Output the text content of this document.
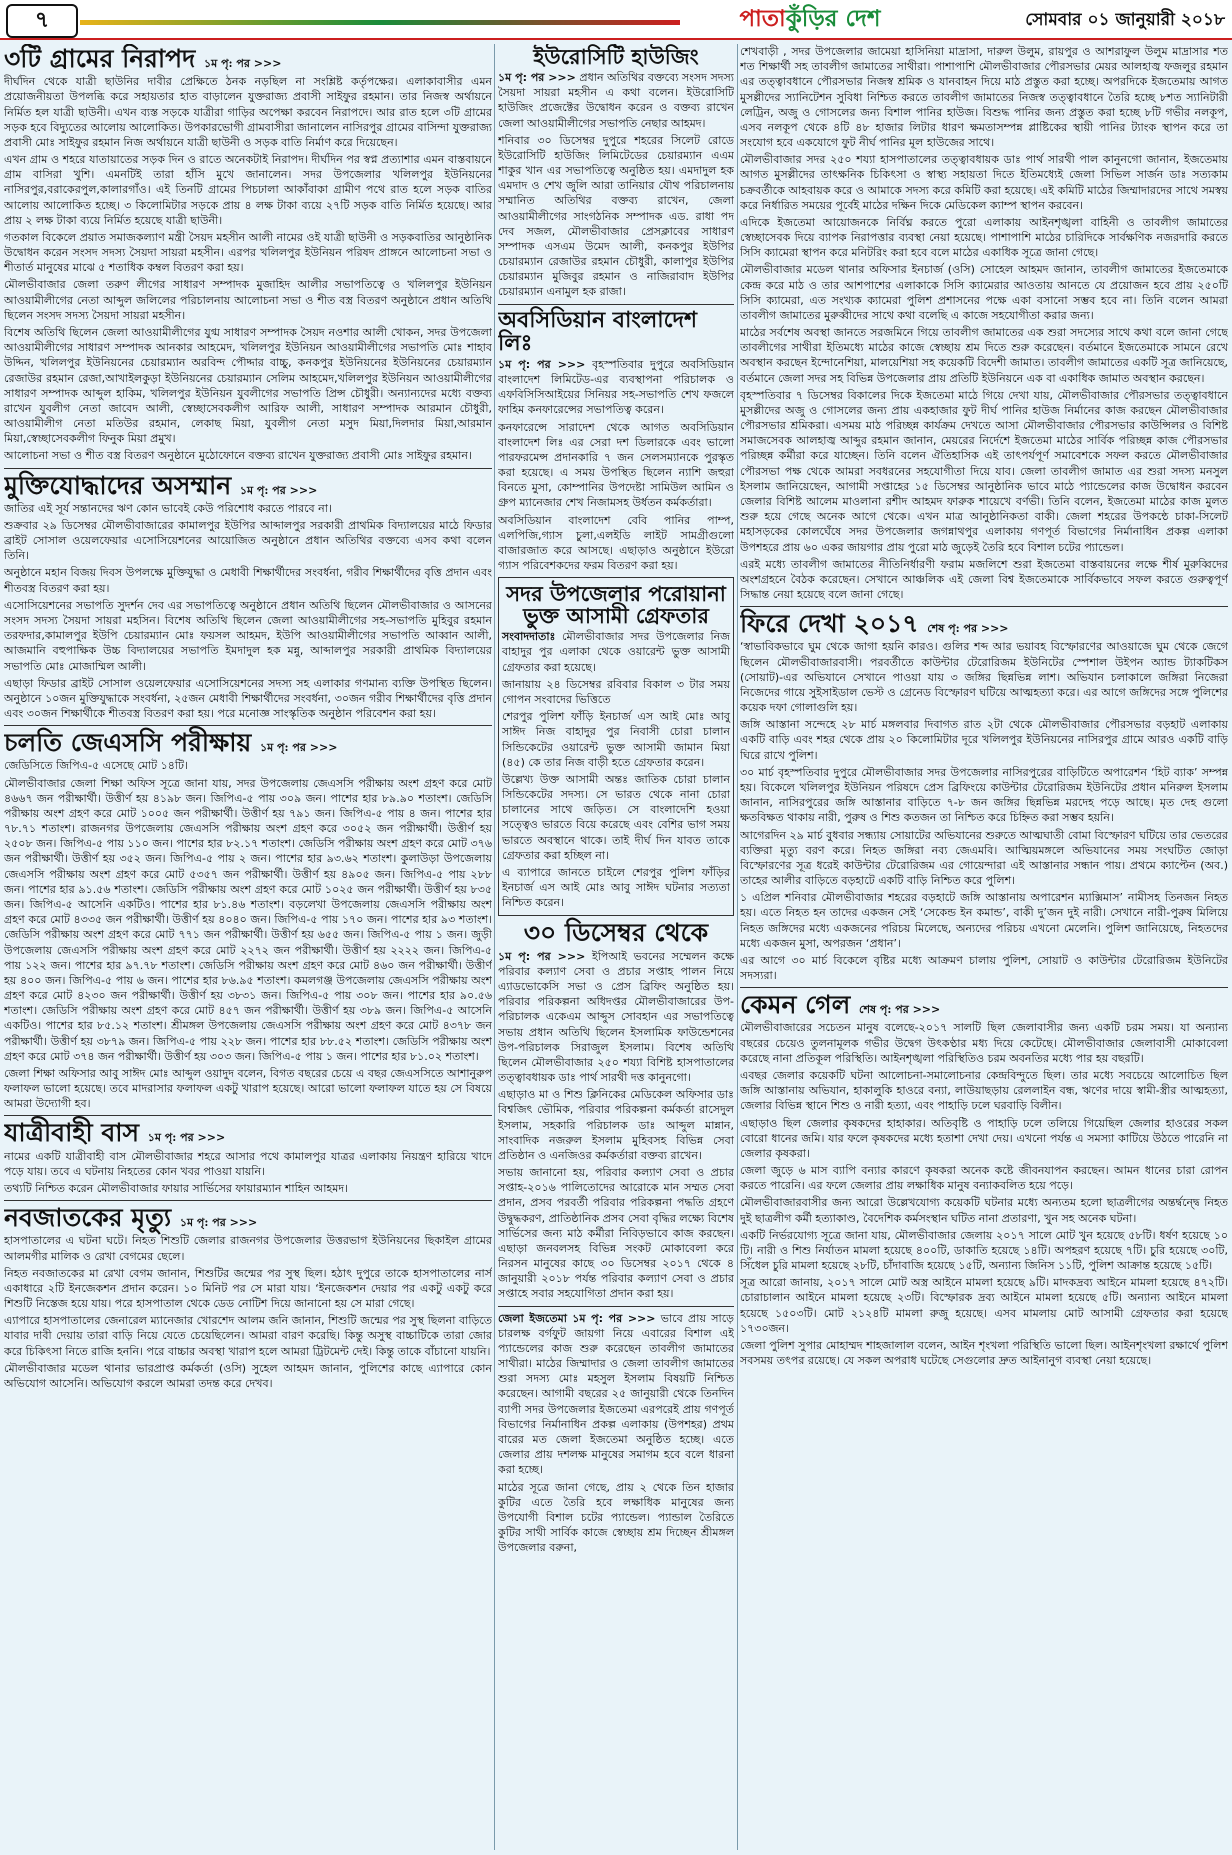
৭	পাতাকুঁড়ির দেশ	সোমবার ০১ জানুয়ারী ২০১৮
৩টি গ্রামের নিরাপদ ১ম পৃ: পর >>>

দীর্ঘদিন থেকে যাত্রী ছাউনির দাবীর প্রেক্ষিতে ঠনক নড়ছিল না সংশ্লিষ্ট কর্তৃপক্ষের। এলাকাবাসীর এমন প্রয়োজনীয়তা উপলব্ধি করে সহায়তার হাত বাড়ালেন যুক্তরাজ্য প্রবাসী সাইফুর রহমান। তার নিজস্ব অর্থায়নে নির্মিত হল যাত্রী ছাউনী। এখন ব্যস্ত সড়কে যাত্রীরা গাড়ির অপেক্ষা করবেন নিরাপদে। আর রাত হলে ৩টি গ্রামের সড়ক হবে বিদ্যুতের আলোয় আলোকিত। উপকারভোগী গ্রামবাসীরা জানালেন নাসিরপুর গ্রামের বাসিন্দা যুক্তরাজ্য প্রবাসী মোঃ সাইফুর রহমান নিজ অর্থায়নে যাত্রী ছাউনী ও সড়ক বাতি নির্মাণ করে দিয়েছেন।

এখন গ্রাম ও শহরে যাতায়াতের সড়ক দিন ও রাতে অনেকটাই নিরাপদ। দীর্ঘদিন পর স্বপ্ন প্রত্যাশার এমন বাস্তবায়নে গ্রাম বাসিরা খুশি। এমনটিই তারা হাঁসি মুখে জানালেন। সদর উপজেলার খলিলপুর ইউনিয়নের নাসিরপুর,বরাকেরপুল,কালারগাঁও। এই তিনটি গ্রামের পিচঢালা আকাঁবাকা গ্রামীণ পথে রাত হলে সড়ক বাতির আলোয় আলোকিত হচ্ছে। ৩ কিলোমিটার সড়কে প্রায় ৪ লক্ষ টাকা ব্যয়ে ২৭টি সড়ক বাতি নির্মিত হয়েছে। আর প্রায় ২ লক্ষ টাকা ব্যয়ে নির্মিত হয়েছে যাত্রী ছাউনী।

গতকাল বিকেলে প্রয়াত সমাজকল্যাণ মন্ত্রী সৈয়দ মহসীন আলী নামের ওই যাত্রী ছাউনী ও সড়কবাতির আনুষ্ঠানিক উদ্বোধন করেন সংসদ সদস্য সৈয়দা সায়রা মহসীন। এরপর খলিলপুর ইউনিয়ন পরিষদ প্রাঙ্গনে আলোচনা সভা ও শীতার্ত মানুষের মাঝে ৫ শতাধিক কম্বল বিতরণ করা হয়।

মৌলভীবাজার জেলা তরুণ লীগের সাধারণ সম্পাদক মুজাহিদ আলীর সভাপতিত্বে ও খলিলপুর ইউনিয়ন আওয়ামীলীগের নেতা আব্দুল জলিলের পরিচালনায় আলোচনা সভা ও শীত বস্ত্র বিতরণ অনুষ্ঠানে প্রধান অতিথি ছিলেন সংসদ সদস্য সৈয়দা সায়রা মহসীন।

বিশেষ অতিথি ছিলেন জেলা আওয়ামীলীগের যুগ্ম সাধারণ সম্পাদক সৈয়দ নওশার আলী খোকন, সদর উপজেলা আওয়ামীলীগের সাধারণ সম্পাদক আনকার আহমেদ, খলিলপুর ইউনিয়ন আওয়ামীলীগের সভাপতি মোঃ শাহাব উদ্দিন, খলিলপুর ইউনিয়নের চেয়ারম্যান অরবিন্দ পৌদ্দার বাচ্চু, কনকপুর ইউনিয়নের ইউনিয়নের চেয়ারম্যান রেজাউর রহমান রেজা,আখাইলকুড়া ইউনিয়নের চেয়ারম্যান সেলিম আহমেদ,খলিলপুর ইউনিয়ন আওয়ামীলীগের সাধারণ সম্পাদক আব্দুল হাকিম, খলিলপুর ইউনিয়ন যুবলীগের সভাপতি প্রিন্স চৌধুরী। অন্যান্যদের মধ্যে বক্তব্য রাখেন যুবলীগ নেতা জাবেদ আলী, স্বেচ্ছাসেবকলীগ আরিফ আলী, সাধারণ সম্পাদক আরমান চৌধুরী, আওয়ামীলীগ নেতা মতিউর রহমান, লেকাছ মিয়া, যুবলীগ নেতা মসুদ মিয়া,দিলদার মিয়া,আরমান মিয়া,স্বেচ্ছাসেবকলীগ ফিনুক মিয়া প্রমুখ।

আলোচনা সভা ও শীত বস্ত্র বিতরণ অনুষ্ঠানে মুঠোফোনে বক্তব্য রাখেন যুক্তরাজ্য প্রবাসী মোঃ সাইফুর রহমান।

মুক্তিযোদ্ধাদের অসম্মান ১ম পৃ: পর >>>

জাতির এই সূর্য সন্তানদের ঋণ কোন ভাবেই কেউ পরিশোধ করতে পারবে না।

শুক্রবার ২৯ ডিসেম্বর মৌলভীবাজারের কামালপুর ইউপির আব্দালপুর সরকারী প্রাথমিক বিদ্যালয়ের মাঠে ফিডার ব্রাইট সোসাল ওয়েলফেয়ার এসোসিয়েশনের আয়োজিত অনুষ্ঠানে প্রধান অতিথির বক্তব্যে এসব কথা বলেন তিনি।

অনুষ্ঠানে মহান বিজয় দিবস উপলক্ষে মুক্তিযুদ্ধা ও মেধাবী শিক্ষার্থীদের সংবর্ধনা, গরীব শিক্ষার্থীদের বৃত্তি প্রদান এবং শীতবস্ত্র বিতরণ করা হয়।

এসোসিয়েশনের সভাপতি সুদর্শন দেব এর সভাপতিত্বে অনুষ্ঠানে প্রধান অতিথি ছিলেন মৌলভীবাজার ও আসনের সংসদ সদস্য সৈয়দা সায়রা মহসিন। বিশেষ অতিথি ছিলেন জেলা আওয়ামীলীগের সহ-সভাপতি মুহিবুর রহমান তরফদার,কামালপুর ইউপি চেয়ারম্যান মোঃ ফয়সল আহমদ, ইউপি আওয়ামীলীগের সভাপতি আব্বান আলী, আজমানি বহুপাক্ষিক উচ্চ বিদ্যালয়ের সভাপতি ইমদাদুল হক মন্নু, আব্দালপুর সরকারী প্রাথমিক বিদ্যালয়ের সভাপতি মোঃ মোজাম্মিল আলী।

এছাড়া ফিডার ব্রাইট সোসাল ওয়েলফেয়ার এসোসিয়েশনের সদস্য সহ এলাকার গণমান্য ব্যক্তি উপস্থিত ছিলেন। অনুষ্ঠানে ১০জন মুক্তিযুদ্ধাকে সংবর্ধনা, ২৫জন মেধাবী শিক্ষার্থীদের সংবর্ধনা, ৩০জন গরীব শিক্ষার্থীদের বৃত্তি প্রদান এবং ৩০জন শিক্ষার্থীকে শীতবস্ত্র বিতরণ করা হয়। পরে মনোজ্ঞ সাংস্কৃতিক অনুষ্ঠান পরিবেশন করা হয়।

চলতি জেএসসি পরীক্ষায় ১ম পৃ: পর >>>

জেডিসিতে জিপিএ-৫ এসেছে মোট ১৪টি।

মৌলভীবাজার জেলা শিক্ষা অফিস সূত্রে জানা যায়, সদর উপজেলায় জেএসসি পরীক্ষায় অংশ গ্রহণ করে মোট ৪৬৬৭ জন পরীক্ষার্থী। উত্তীর্ণ হয় ৪১৯৮ জন। জিপিএ-৫ পায় ৩০৯ জন। পাশের হার ৮৯.৯০ শতাংশ। জেডিসি পরীক্ষায় অংশ গ্রহণ করে মোট ১০০৫ জন পরীক্ষার্থী। উত্তীর্ণ হয় ৭৯১ জন। জিপিএ-৫ পায় ৪ জন। পাশের হার ৭৮.৭১ শতাংশ। রাজনগর উপজেলায় জেএসসি পরীক্ষায় অংশ গ্রহণ করে ৩০৫২ জন পরীক্ষার্থী। উত্তীর্ণ হয় ২৫০৮ জন। জিপিএ-৫ পায় ১১০ জন। পাশের হার ৮২.১৭ শতাংশ। জেডিসি পরীক্ষায় অংশ গ্রহণ করে মোট ৩৭৬ জন পরীক্ষার্থী। উত্তীর্ণ হয় ৩৫২ জন। জিপিএ-৫ পায় ২ জন। পাশের হার ৯৩.৬২ শতাংশ। কুলাউড়া উপজেলায় জেএসসি পরীক্ষায় অংশ গ্রহণ করে মোট ৫৩৫৭ জন পরীক্ষার্থী। উত্তীর্ণ হয় ৪৯০৫ জন। জিপিএ-৫ পায় ২৮৮ জন। পাশের হার ৯১.৫৬ শতাংশ। জেডিসি পরীক্ষায় অংশ গ্রহণ করে মোট ১০২৫ জন পরীক্ষার্থী। উত্তীর্ণ হয় ৮৩৫ জন। জিপিএ-৫ আসেনি একটিও। পাশের হার ৮১.৪৬ শতাংশ। বড়লেখা উপজেলায় জেএসসি পরীক্ষায় অংশ গ্রহণ করে মোট ৪৩৩৫ জন পরীক্ষার্থী। উত্তীর্ণ হয় ৪০৪০ জন। জিপিএ-৫ পায় ১৭০ জন। পাশের হার ৯৩ শতাংশ। জেডিসি পরীক্ষায় অংশ গ্রহণ করে মোট ৭৭১ জন পরীক্ষার্থী। উত্তীর্ণ হয় ৬৫৫ জন। জিপিএ-৫ পায় ১ জন। জুড়ী উপজেলায় জেএসসি পরীক্ষায় অংশ গ্রহণ করে মোট ২২৭২ জন পরীক্ষার্থী। উত্তীর্ণ হয় ২২২২ জন। জিপিএ-৫ পায় ১২২ জন। পাশের হার ৯৭.৭৮ শতাংশ। জেডিসি পরীক্ষায় অংশ গ্রহণ করে মোট ৪৬০ জন পরীক্ষার্থী। উত্তীর্ণ হয় ৪০০ জন। জিপিএ-৫ পায় ৬ জন। পাশের হার ৮৬.৯৫ শতাংশ। কমলগঞ্জ উপজেলায় জেএসসি পরীক্ষায় অংশ গ্রহণ করে মোট ৪২৩০ জন পরীক্ষার্থী। উত্তীর্ণ হয় ৩৮৩১ জন। জিপিএ-৫ পায় ৩০৮ জন। পাশের হার ৯০.৫৬ শতাংশ। জেডিসি পরীক্ষায় অংশ গ্রহণ করে মোট ৪৫৭ জন পরীক্ষার্থী। উত্তীর্ণ হয় ৩৮৯ জন। জিপিএ-৫ আসেনি একটিও। পাশের হার ৮৫.১২ শতাংশ। শ্রীমঙ্গল উপজেলায় জেএসসি পরীক্ষায় অংশ গ্রহণ করে মোট ৪৩৭৮ জন পরীক্ষার্থী। উত্তীর্ণ হয় ৩৮৭৯ জন। জিপিএ-৫ পায় ২২৮ জন। পাশের হার ৮৮.৫২ শতাংশ। জেডিসি পরীক্ষায় অংশ গ্রহণ করে মোট ৩৭৪ জন পরীক্ষার্থী। উত্তীর্ণ হয় ৩০৩ জন। জিপিএ-৫ পায় ১ জন। পাশের হার ৮১.০২ শতাংশ।

জেলা শিক্ষা অফিসার আবু সাঈদ মোঃ আব্দুল ওয়াদুদ বলেন, বিগত বছরের চেয়ে এ বছর জেএসসিতে আশানুরুপ ফলাফল ভালো হয়েছে। তবে মাদরাসার ফলাফল একটু খারাপ হয়েছে। আরো ভালো ফলাফল যাতে হয় সে বিষয়ে আমরা উদ্যোগী হব।

যাত্রীবাহী বাস ১ম পৃ: পর >>>

নামের একটি যাত্রীবাহী বাস মৌলভীবাজার শহরে আসার পথে কামালপুর যাত্রর এলাকায় নিয়ন্ত্রণ হারিয়ে খাদে পড়ে যায়। তবে এ ঘটনায় নিহতের কোন খবর পাওয়া যায়নি।

তথ্যটি নিশ্চিত করেন মৌলভীবাজার ফায়ার সার্ভিসের ফায়ারম্যান শাহিন আহমদ।

নবজাতকের মৃত্যু ১ম পৃ: পর >>>

হাসপাতালের এ ঘটনা ঘটে। নিহত শিশুটি জেলার রাজনগর উপজেলার উত্তরভাগ ইউনিয়নের ছিকাইল গ্রামের আলমগীর মালিক ও রেখা বেগমের ছেলে।

নিহত নবজাতকের মা রেখা বেগম জানান, শিশুটির জন্মের পর সুস্থ ছিল। হঠাৎ দুপুরে তাকে হাসপাতালের নার্স একাধারে ২টি ইনজেকশন প্রদান করেন। ১০ মিনিট পর সে মারা যায়। ‘ইনজেকশন দেয়ার পর একটু একটু করে শিশুটি নিস্তেজ হয়ে যায়। পরে হাসপাতাল থেকে ডেড নোটিশ দিয়ে জানানো হয় সে মারা গেছে।

এ্যাপারে হাসপাতালের জেনারেল ম্যানেজার খোরশেদ আলম জনি জানান, শিশুটি জন্মের পর সুস্থ ছিলনা বাড়িতে যাবার দাবী দেয়ায় তারা বাড়ি নিয়ে যেতে চেয়েছিলেন। আমরা বারণ করেছি। কিন্তু অসুস্থ বাচ্চাটিকে তারা জোর করে চিকিৎসা নিতে রাজি হননি। পরে বাচ্চার অবস্থা খারাপ হলে আমরা ট্রিটমেন্ট দেই। কিন্তু তাকে বাঁচানো যায়নি।

মৌলভীবাজার মডেল থানার ভারপ্রাপ্ত কর্মকর্তা (ওসি) সুহেল আহমদ জানান, পুলিশের কাছে এ্যাপারে কোন অভিযোগ আসেনি। অভিযোগ করলে আমরা তদন্ত করে দেখব।

ইউরোসিটি হাউজিং

১ম পৃ: পর >>> প্রধান অতিথির বক্তব্যে সংসদ সদস্য সৈয়দা সায়রা মহসীন এ কথা বলেন। ইউরোসিটি হাউজিং প্রজেক্টের উদ্বোধন করেন ও বক্তব্য রাখেন জেলা আওয়ামীলীগের সভাপতি নেছার আহমদ।

শনিবার ৩০ ডিসেম্বর দুপুরে শহরের সিলেট রোডে ইউরোসিটি হাউজিং লিমিটেডের চেয়ারম্যান এএম শাকুর খান এর সভাপতিত্বে অনুষ্ঠিত হয়। এমদাদুল হক এমদাদ ও শেখ জুলি আরা তানিয়ার যৌথ পরিচালনায় সম্মানিত অতিথির বক্তব্য রাখেন, জেলা আওয়ামীলীগের সাংগঠনিক সম্পাদক এড. রাধা পদ দেব সজল, মৌলভীবাজার প্রেসক্লাবের সাধারণ সম্পাদক এসএম উমেদ আলী, কনকপুর ইউপির চেয়ারম্যান রেজাউর রহমান চৌধুরী, কালাপুর ইউপির চেয়ারম্যান মুজিবুর রহমান ও নাজিরাবাদ ইউপির চেয়ারম্যান এনামুল হক রাজা।

অবসিডিয়ান বাংলাদেশ লিঃ

১ম পৃ: পর >>> বৃহস্পতিবার দুপুরে অবসিডিয়ান বাংলাদেশ লিমিটেড-এর ব্যবস্থাপনা পরিচালক ও এফবিসিসিআইয়ের সিনিয়র সহ-সভাপতি শেখ ফজলে ফাহিম কনফারেন্সের সভাপতিত্ব করেন।

কনফারেন্সে সারাদেশ থেকে আগত অবসিডিয়ান বাংলাদেশ লিঃ এর সেরা দশ ডিলারকে এবং ভালো পারফরমেন্স প্রদানকারি ৭ জন সেলসম্যানকে পুরস্কৃত করা হয়েছে। এ সময় উপস্থিত ছিলেন ন্যাশি জহুরা বিনতে মুসা, কোম্পানির উপদেষ্টা সামিউল আমিন ও গ্রুপ ম্যানেজার শেখ নিজামসহ উর্ধতন কর্মকর্তারা।

অবসিডিয়ান বাংলাদেশ বেবি পানির পাম্প, এলপিজি,গ্যাস চুলা,এলইডি লাইট সামগ্রীগুলো বাজারজাত করে আসছে। এছাড়াও অনুষ্ঠানে ইউরো গ্যাস পরিবেশকদের ফরম বিতরণ করা হয়।

সদর উপজেলার পরোয়ানা ভুক্ত আসামী গ্রেফতার

সংবাদদাতাঃ মৌলভীবাজার সদর উপজেলার নিজ বাহাদুর পুর এলাকা থেকে ওয়ারেন্ট ভুক্ত আসামী গ্রেফতার করা হয়েছে।

জানায়ায় ২৪ ডিসেম্বর রবিবার বিকাল ৩ টার সময় গোপন সংবাদের ভিত্তিতে

শেরপুর পুলিশ ফাঁড়ি ইনচার্জ এস আই মোঃ আবু সাঈদ নিজ বাহাদুর পুর নিবাসী চোরা চালান সিন্ডিকেটের ওয়ারেন্ট ভুক্ত আসামী জামান মিয়া (৪৫) কে তার নিজ বাড়ী হতে গ্রেফতার করেন।

উল্লেখ্য উক্ত আসামী অন্তঃ জাতিক চোরা চালান সিন্ডিকেটের সদস্য। সে ভারত থেকে নানা চোরা চালানের সাথে জড়িত। সে বাংলাদেশি হওয়া সত্ত্বেও ভারতে বিয়ে করেছে এবং বেশির ভাগ সময় ভারতে অবস্থানে থাকে। তাই দীর্ঘ দিন যাবত তাকে গ্রেফতার করা হচ্ছিল না।

এ ব্যাপারে জানতে চাইলে শেরপুর পুলিশ ফাঁড়ির ইনচার্জ এস আই মোঃ আবু সাঈদ ঘটনার সত্যতা নিশ্চিত করেন।

৩০ ডিসেম্বর থেকে

১ম পৃ: পর >>> ইপিআই ভবনের সম্মেলন কক্ষে পরিবার কল্যাণ সেবা ও প্রচার সপ্তাহ পালন নিয়ে এ্যাডভোকেসি সভা ও প্রেস ব্রিফিং অনুষ্ঠিত হয়। পরিবার পরিকল্পনা অধিদপ্তর মৌলভীবাজারের উপ-পরিচালক একেএম আব্দুস সোবহান এর সভাপতিত্বে সভায় প্রধান অতিথি ছিলেন ইসলামিক ফাউন্ডেশনের উপ-পরিচালক সিরাজুল ইসলাম। বিশেষ অতিথি ছিলেন মৌলভীবাজার ২৫০ শয্যা বিশিষ্ট হাসপাতালের তত্ত্বাবধায়ক ডাঃ পার্থ সারথী দত্ত কানুনগো।

এছাড়াও মা ও শিশু ক্লিনিকের মেডিকেল অফিসার ডাঃ বিশ্বজিৎ ভৌমিক, পরিবার পরিকল্পনা কর্মকর্তা রাসেদুল ইসলাম, সহকারি পরিচালক ডাঃ আব্দুল মান্নান, সাংবাদিক নজরুল ইসলাম মুহিবসহ বিভিন্ন সেবা প্রতিষ্ঠান ও এনজিওর কর্মকর্তারা বক্তব্য রাখেন।

সভায় জানানো হয়, পরিবার কল্যাণ সেবা ও প্রচার সপ্তাহ-২০১৬ পালিতোদের আরোকে মান সম্মত সেবা প্রদান, প্রসব পরবর্তী পরিবার পরিকল্পনা পদ্ধতি গ্রহণে উদ্বুদ্ধকরণ, প্রাতিষ্ঠানিক প্রসব সেবা বৃদ্ধির লক্ষ্যে বিশেষ সার্ভিসের জন্য মাঠ কর্মীরা নিবিড়ভাবে কাজ করছেন। এছাড়া জনবলসহ বিভিন্ন সংকট মোকাবেলা করে নিরসন মানুষের কাছে ৩০ ডিসেম্বর ২০১৭ থেকে ৪ জানুয়ারী ২০১৮ পর্যন্ত পরিবার কল্যাণ সেবা ও প্রচার সপ্তাহে সবার সহযোগিতা প্রদান করা হয়।

জেলা ইজতেমা ১ম পৃ: পর >>> ভাবে প্রায় সাড়ে চারলক্ষ বর্গফুট জায়গা নিয়ে এবারের বিশাল এই প্যান্ডেলের কাজ শুরু করেছেন তাবলীগ জামাতের সাথীরা। মাঠের জিম্মাদার ও জেলা তাবলীগ জামাতের শুরা সদস্য মোঃ মহসুল ইসলাম বিষয়টি নিশ্চিত করেছেন। আগামী বছরের ২৫ জানুয়ারী থেকে তিনদিন ব্যাপী সদর উপজেলার ইজতেমা এরপরেই প্রায় গণপূর্ত বিভাগের নির্মানাধিন প্রকল্প এলাকায় (উপশহর) প্রথম বারের মত জেলা ইজতেমা অনুষ্ঠিত হচ্ছে। এতে জেলার প্রায় দশলক্ষ মানুষের সমাগম হবে বলে ধারনা করা হচ্ছে।

মাঠের সূত্রে জানা গেছে, প্রায় ২ থেকে তিন হাজার কুটির এতে তৈরি হবে লক্ষাধিক মানুষের জন্য উপযোগী বিশাল চটের প্যান্ডেল। প্যান্ডাল তৈরিতে কুটির সাথী সার্বিক কাজে স্বেচ্ছায় শ্রম দিচ্ছেন শ্রীমঙ্গল উপজেলার বরুনা,

শেখবাড়ী , সদর উপজেলার জামেয়া হাসিনিয়া মাদ্রাসা, দারুল উলুম, রায়পুর ও আশরাফুল উলুম মাদ্রাসার শত শত শিক্ষার্থী সহ তাবলীগ জামাতের সাথীরা। পাশাপাশি মৌলভীবাজার পৌরসভার মেয়র আলহাজ্ব ফজলুর রহমান এর তত্ত্বাবধানে পৌরসভার নিজস্ব শ্রমিক ও যানবাহন দিয়ে মাঠ প্রস্তুত করা হচ্ছে। অপরদিকে ইজতেমায় আগত মুসল্লীদের স্যানিটেশন সুবিধা নিশ্চিত করতে তাবলীগ জামাতের নিজস্ব তত্ত্বাবধানে তৈরি হচ্ছে ৮শত স্যানিটারী লেট্রিন, অজু ও গোসলের জন্য বিশাল পানির হাউজ। বিশুদ্ধ পানির জন্য প্রস্তুত করা হচ্ছে ৮টি গভীর নলকূপ, এসব নলকূপ থেকে ৪টি ৪৮ হাজার লিটার ধারণ ক্ষমতাসম্পন্ন প্লাষ্টিকের স্থায়ী পানির ট্যাংক স্থাপন করে তা সংযোগ হবে একযোগে ফুট নীর্ঘ পানির মূল হাউজের সাথে।

মৌলভীবাজার সদর ২৫০ শয্যা হাসপাতালের তত্ত্বাবধায়ক ডাঃ পার্থ সারথী পাল কানুনগো জানান, ইজতেমায় আগত মুসল্লীদের তাৎক্ষনিক চিকিৎসা ও স্বাস্থ্য সহায়তা দিতে ইতিমধ্যেই জেলা সিভিল সার্জন ডাঃ সত্যকাম চক্রবর্তীকে আহবায়ক করে ও আমাকে সদস্য করে কমিটি করা হয়েছে। এই কমিটি মাঠের জিম্মাদারদের সাথে সমস্বয় করে নির্ধারিত সময়ের পূর্বেই মাঠের দক্ষিন দিকে মেডিকেল ক্যাম্প স্থাপন করবেন।

এদিকে ইজতেমা আয়োজনকে নির্বিঘ্ন করতে পুরো এলাকায় আইনশৃঙ্খলা বাহিনী ও তাবলীগ জামাতের স্বেচ্ছাসেবক দিয়ে ব্যাপক নিরাপত্তার ব্যবস্থা নেয়া হয়েছে। পাশাপাশি মাঠের চারিদিকে সার্বক্ষণিক নজরদারি করতে সিসি ক্যামেরা স্থাপন করে মনিটরিং করা হবে বলে মাঠের একাধিক সূত্রে জানা গেছে।

মৌলভীবাজার মডেল থানার অফিসার ইনচার্জ (ওসি) সোহেল আহমদ জানান, তাবলীগ জামাতের ইজতেমাকে কেন্দ্র করে মাঠ ও তার আশপাশের এলাকাকে সিসি ক্যামেরার আওতায় আনতে যে প্রয়োজন হবে প্রায় ২৫০টি সিসি ক্যামেরা, এত সংখ্যক ক্যামেরা পুলিশ প্রশাসনের পক্ষে একা বসানো সম্ভব হবে না। তিনি বলেন আমরা তাবলীগ জামাতের মুরুব্বীদের সাথে কথা বলেছি এ কাজে সহযোগীতা করার জন্য।

মাঠের সর্বশেষ অবস্থা জানতে সরজমিনে গিয়ে তাবলীগ জামাতের এক শুরা সদস্যের সাথে কথা বলে জানা গেছে তাবলীগের সাথীরা ইতিমধ্যে মাঠের কাজে স্বেচ্ছায় শ্রম দিতে শুরু করেছেন। বর্তমানে ইজতেমাকে সামনে রেখে অবস্থান করছেন ইন্দোনেশিয়া, মালয়েশিয়া সহ কয়েকটি বিদেশী জামাত। তাবলীগ জামাতের একটি সূত্র জানিয়েছে, বর্তমানে জেলা সদর সহ বিভিন্ন উপজেলার প্রায় প্রতিটি ইউনিয়নে এক বা একাধিক জামাত অবস্থান করছেন।

বৃহস্পতিবার ৭ ডিসেম্বর বিকালের দিকে ইজতেমা মাঠে গিয়ে দেখা যায়, মৌলভীবাজার পৌরসভার তত্ত্বাবধানে মুসল্লীদের অজু ও গোসলের জন্য প্রায় একহাজার ফুট দীর্ঘ পানির হাউজ নির্মানের কাজ করছেন মৌলভীবাজার পৌরসভার শ্রমিকরা। এসময় মাঠ পরিচ্ছন্ন কার্যক্রম দেখতে আসা মৌলভীবাজার পৌরসভার কাউন্সিলর ও বিশিষ্ট সমাজসেবক আলহাজ্ব আব্দুর রহমান জানান, মেয়রের নির্দেশে ইজতেমা মাঠের সার্বিক পরিচ্ছন্ন কাজ পৌরসভার পরিচ্ছন্ন কর্মীরা করে যাচ্ছেন। তিনি বলেন ঐতিহাসিক এই তাৎপর্যপূর্ণ সমাবেশকে সফল করতে মৌলভীবাজার পৌরসভা পক্ষ থেকে আমরা সবধরনের সহযোগীতা দিয়ে যাব। জেলা তাবলীগ জামাত এর শুরা সদস্য মনসুল ইসলাম জানিয়েছেন, আগামী সপ্তাহের ১৫ ডিসেম্বর আনুষ্ঠানিক ভাবে মাঠে প্যান্ডেলের কাজ উদ্বোধন করবেন জেলার বিশিষ্ট আলেম মাওলানা রশীদ আহমদ ফারুক শায়েখে বর্ণভী। তিনি বলেন, ইজতেমা মাঠের কাজ মুলত শুরু হয়ে গেছে অনেক আগে থেকে। এখন মাত্র আনুষ্ঠানিকতা বাকী। জেলা শহরের উপকন্ঠে চাকা-সিলেট মহাসড়কের কোলঘেঁষে সদর উপজেলার জগন্নাথপুর এলাকায় গণপূর্ত বিভাগের নির্মানাধিন প্রকল্প এলাকা উপশহরে প্রায় ৬০ একর জায়গার প্রায় পুরো মাঠ জুড়েই তৈরি হবে বিশাল চটের প্যান্ডেল।

এরই মধ্যে তাবলীগ জামাতের নীতিনির্ধারণী ফরাম মজলিশে শুরা ইজতেমা বাস্তবায়নের লক্ষে শীর্ষ মুরুব্বিদের অংশগ্রহনে বৈঠক করেছেন। সেখানে আঞ্চলিক এই জেলা বিশ্ব ইজতেমাকে সার্বিকভাবে সফল করতে গুরুত্বপূর্ণ সিদ্ধান্ত নেয়া হয়েছে বলে জানা গেছে।

ফিরে দেখা ২০১৭ শেষ পৃ: পর >>>

‘স্বাভাবিকভাবে ঘুম থেকে জাগা হয়নি কারও। গুলির শব্দ আর ভয়াবহ বিস্ফোরণের আওয়াজে ঘুম থেকে জেগে ছিলেন মৌলভীবাজারবাসী। পরবর্তীতে কাউন্টার টেরোরিজম ইউনিটের স্পেশাল উইপন অ্যান্ড ট্যাকটিকস (সোয়াট)-এর অভিযানে সেখানে পাওয়া যায় ৩ জঙ্গির ছিন্নভিন্ন লাশ। অভিযান চলাকালে জঙ্গিরা নিজেরা নিজেদের গায়ে সুইসাইডাল ভেস্ট ও গ্রেনেড বিস্ফোরণ ঘটিয়ে আত্মহত্যা করে। এর আগে জঙ্গিদের সঙ্গে পুলিশের কয়েক দফা গোলাগুলি হয়।

জঙ্গি আস্তানা সন্দেহে ২৮ মার্চ মঙ্গলবার দিবাগত রাত ২টা থেকে মৌলভীবাজার পৌরসভার বড়হাট এলাকায় একটি বাড়ি এবং শহর থেকে প্রায় ২০ কিলোমিটার দূরে খলিলপুর ইউনিয়নের নাসিরপুর গ্রামে আরও একটি বাড়ি ঘিরে রাখে পুলিশ।

৩০ মার্চ বৃহস্পতিবার দুপুরে মৌলভীবাজার সদর উপজেলার নাসিরপুরের বাড়িটিতে অপারেশন ‘হিট ব্যাক’ সম্পন্ন হয়। বিকেলে খলিলপুর ইউনিয়ন পরিষদে প্রেস ব্রিফিংয়ে কাউন্টার টেরোরিজম ইউনিটের প্রধান মনিরুল ইসলাম জানান, নাসিরপুরের জঙ্গি আস্তানার বাড়িতে ৭-৮ জন জঙ্গির ছিন্নভিন্ন মরদেহ পড়ে আছে। মৃত দেহ গুলো ক্ষতবিক্ষত থাকায় নারী, পুরুষ ও শিশু কতজন তা নিশ্চিত করে চিহ্নিত করা সম্ভব হয়নি।

আগেরদিন ২৯ মার্চ বুধবার সন্ধ্যায় সোয়াটের অভিযানের শুরুতে আত্মঘাতী বোমা বিস্ফোরণ ঘটিয়ে তার ভেতরের ব্যক্তিরা মৃত্যু বরণ করে। নিহত জঙ্গিরা নব্য জেএমবি। আত্মিয়মঙ্গলে অভিযানের সময় সংঘটিত জোড়া বিস্ফোরণের সূত্র ধরেই কাউন্টার টেরোরিজম এর গোয়েন্দারা এই আস্তানার সন্ধান পায়। প্রথমে ক্যাপ্টেন (অব.) তাহের আলীর বাড়িতে বড়হাটে একটি বাড়ি নিশ্চিত করে পুলিশ।

১ এপ্রিল শনিবার মৌলভীবাজার শহরের বড়হাটে জঙ্গি আস্তানায় অপারেশন ম্যাক্সিমাস’ নামীসহ তিনজন নিহত হয়। এতে নিহত হন তাদের একজন সেই ‘সেকেন্ড ইন কমান্ড’, বাকী দু’জন দুই নারী। সেখানে নারী-পুরুষ মিলিয়ে নিহত জঙ্গিদের মধ্যে একজনের পরিচয় মিলেছে, অন্যদের পরিচয় এখনো মেলেনি। পুলিশ জানিয়েছে, নিহতদের মধ্যে একজন মুসা, অপরজন ‘প্রধান’।

এর আগে ৩০ মার্চ বিকেলে বৃষ্টির মধ্যে আক্রমণ চালায় পুলিশ, সোয়াট ও কাউন্টার টেরোরিজম ইউনিটের সদস্যরা।

কেমন গেল শেষ পৃ: পর >>>

মৌলভীবাজারের সচেতন মানুষ বলেছে-২০১৭ সালটি ছিল জেলাবাসীর জন্য একটি চরম সময়। যা অন্যান্য বছরের চেয়েও তুলনামূলক গভীর উদ্বেগ উৎকণ্ঠার মধ্য দিয়ে কেটেছে। মৌলভীবাজার জেলাবাসী মোকাবেলা করেছে নানা প্রতিকূল পরিস্থিতি। আইনশৃঙ্খলা পরিস্থিতিও চরম অবনতির মধ্যে পার হয় বছরটি।

এবছর জেলার কয়েকটি ঘটনা আলোচনা-সমালোচনার কেন্দ্রবিন্দুতে ছিল। তার মধ্যে সবচেয়ে আলোচিত ছিল জঙ্গি আস্তানায় অভিযান, হাকালুকি হাওরে বন্যা, লাউয়াছড়ায় রেললাইন বন্ধ, ঋণের দায়ে স্বামী-স্ত্রীর আত্মহত্যা, জেলার বিভিন্ন স্থানে শিশু ও নারী হত্যা, এবং পাহাড়ি ঢলে ঘরবাড়ি বিলীন।

এছাড়াও ছিল জেলার কৃষকদের হাহাকার। অতিবৃষ্টি ও পাহাড়ি ঢলে তলিয়ে গিয়েছিল জেলার হাওরের সকল বোরো ধানের জমি। যার ফলে কৃষকদের মধ্যে হতাশা দেখা দেয়। এখনো পর্যন্ত এ সমস্যা কাটিয়ে উঠতে পারেনি না জেলার কৃষকরা।

জেলা জুড়ে ৬ মাস ব্যাপি বন্যার কারণে কৃষকরা অনেক কষ্টে জীবনযাপন করছেন। আমন ধানের চারা রোপন করতে পারেনি। এর ফলে জেলার প্রায় লক্ষাধিক মানুষ বন্যাকবলিত হয়ে পড়ে।

মৌলভীবাজারবাসীর জন্য আরো উল্লেখযোগ্য কয়েকটি ঘটনার মধ্যে অন্যতম হলো ছাত্রলীগের অন্তর্দ্বন্দ্বে নিহত দুই ছাত্রলীগ কর্মী হত্যাকাণ্ড, বৈদেশিক কর্মসংস্থান ঘটিত নানা প্রতারণা, খুন সহ অনেক ঘটনা।

একটি নির্ভরযোগ্য সূত্রে জানা যায়, মৌলভীবাজার জেলায় ২০১৭ সালে মোট খুন হয়েছে ৫৮টি। ধর্ষণ হয়েছে ১০ টি। নারী ও শিশু নির্যাতন মামলা হয়েছে ৪০০টি, ডাকাতি হয়েছে ১৪টি। অপহরণ হয়েছে ৭টি। চুরি হয়েছে ৩০টি, সিঁধেল চুরি মামলা হয়েছে ২৮টি, চাঁদাবাজি হয়েছে ১৫টি, অন্যান্য জিনিস ১১টি, পুলিশ আক্রান্ত হয়েছে ১৫টি।

সূত্র আরো জানায়, ২০১৭ সালে মোট অস্ত্র আইনে মামলা হয়েছে ৯টি। মাদকদ্রব্য আইনে মামলা হয়েছে ৪৭২টি। চোরাচালান আইনে মামলা হয়েছে ২৩টি। বিস্ফোরক দ্রব্য আইনে মামলা হয়েছে ৫টি। অন্যান্য আইনে মামলা হয়েছে ১৫০৩টি। মোট ২১২৪টি মামলা রুজু হয়েছে। এসব মামলায় মোট আসামী গ্রেফতার করা হয়েছে ১৭৩০জন।

জেলা পুলিশ সুপার মোহাম্মদ শাহজালাল বলেন, আইন শৃংখলা পরিস্থিতি ভালো ছিল। আইনশৃংখলা রক্ষার্থে পুলিশ সবসময় তৎপর রয়েছে। যে সকল অপরাধ ঘটেছে সেগুলোর দ্রুত আইনানুগ ব্যবস্থা নেয়া হয়েছে।
